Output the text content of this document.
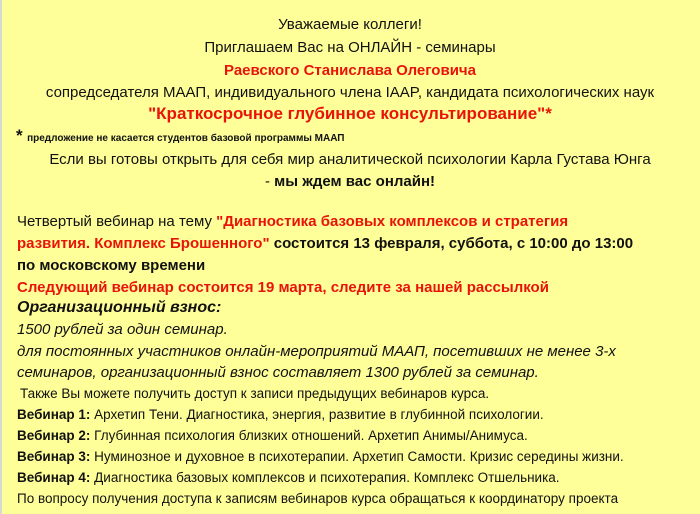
Уважаемые коллеги!
Приглашаем Вас на ОНЛАЙН - семинары
Раевского Станислава Олеговича
сопредседателя МААП, индивидуального члена IAAP, кандидата психологических наук
"Краткосрочное глубинное консультирование"*
* предложение не касается студентов базовой программы МААП
Если вы готовы открыть для себя мир аналитической психологии Карла Густава Юнга
- мы ждем вас онлайн!
Четвертый вебинар на тему "Диагностика базовых комплексов и стратегия
развития. Комплекс Брошенного" состоится 13 февраля, суббота, с 10:00 до 13:00
по московскому времени
Следующий вебинар состоится 19 марта, следите за нашей рассылкой
Организационный взнос:
1500 рублей за один семинар.
для постоянных участников онлайн-мероприятий МААП, посетивших не менее 3-х
семинаров, организационный взнос составляет 1300 рублей за семинар.
Также Вы можете получить доступ к записи предыдущих вебинаров курса.
Вебинар 1: Архетип Тени. Диагностика, энергия, развитие в глубинной психологии.
Вебинар 2: Глубинная психология близких отношений. Архетип Анимы/Анимуса.
Вебинар 3: Нуминозное и духовное в психотерапии. Архетип Самости. Кризис середины жизни.
Вебинар 4: Диагностика базовых комплексов и психотерапия. Комплекс Отшельника.
По вопросу получения доступа к записям вебинаров курса обращаться к координатору проекта
